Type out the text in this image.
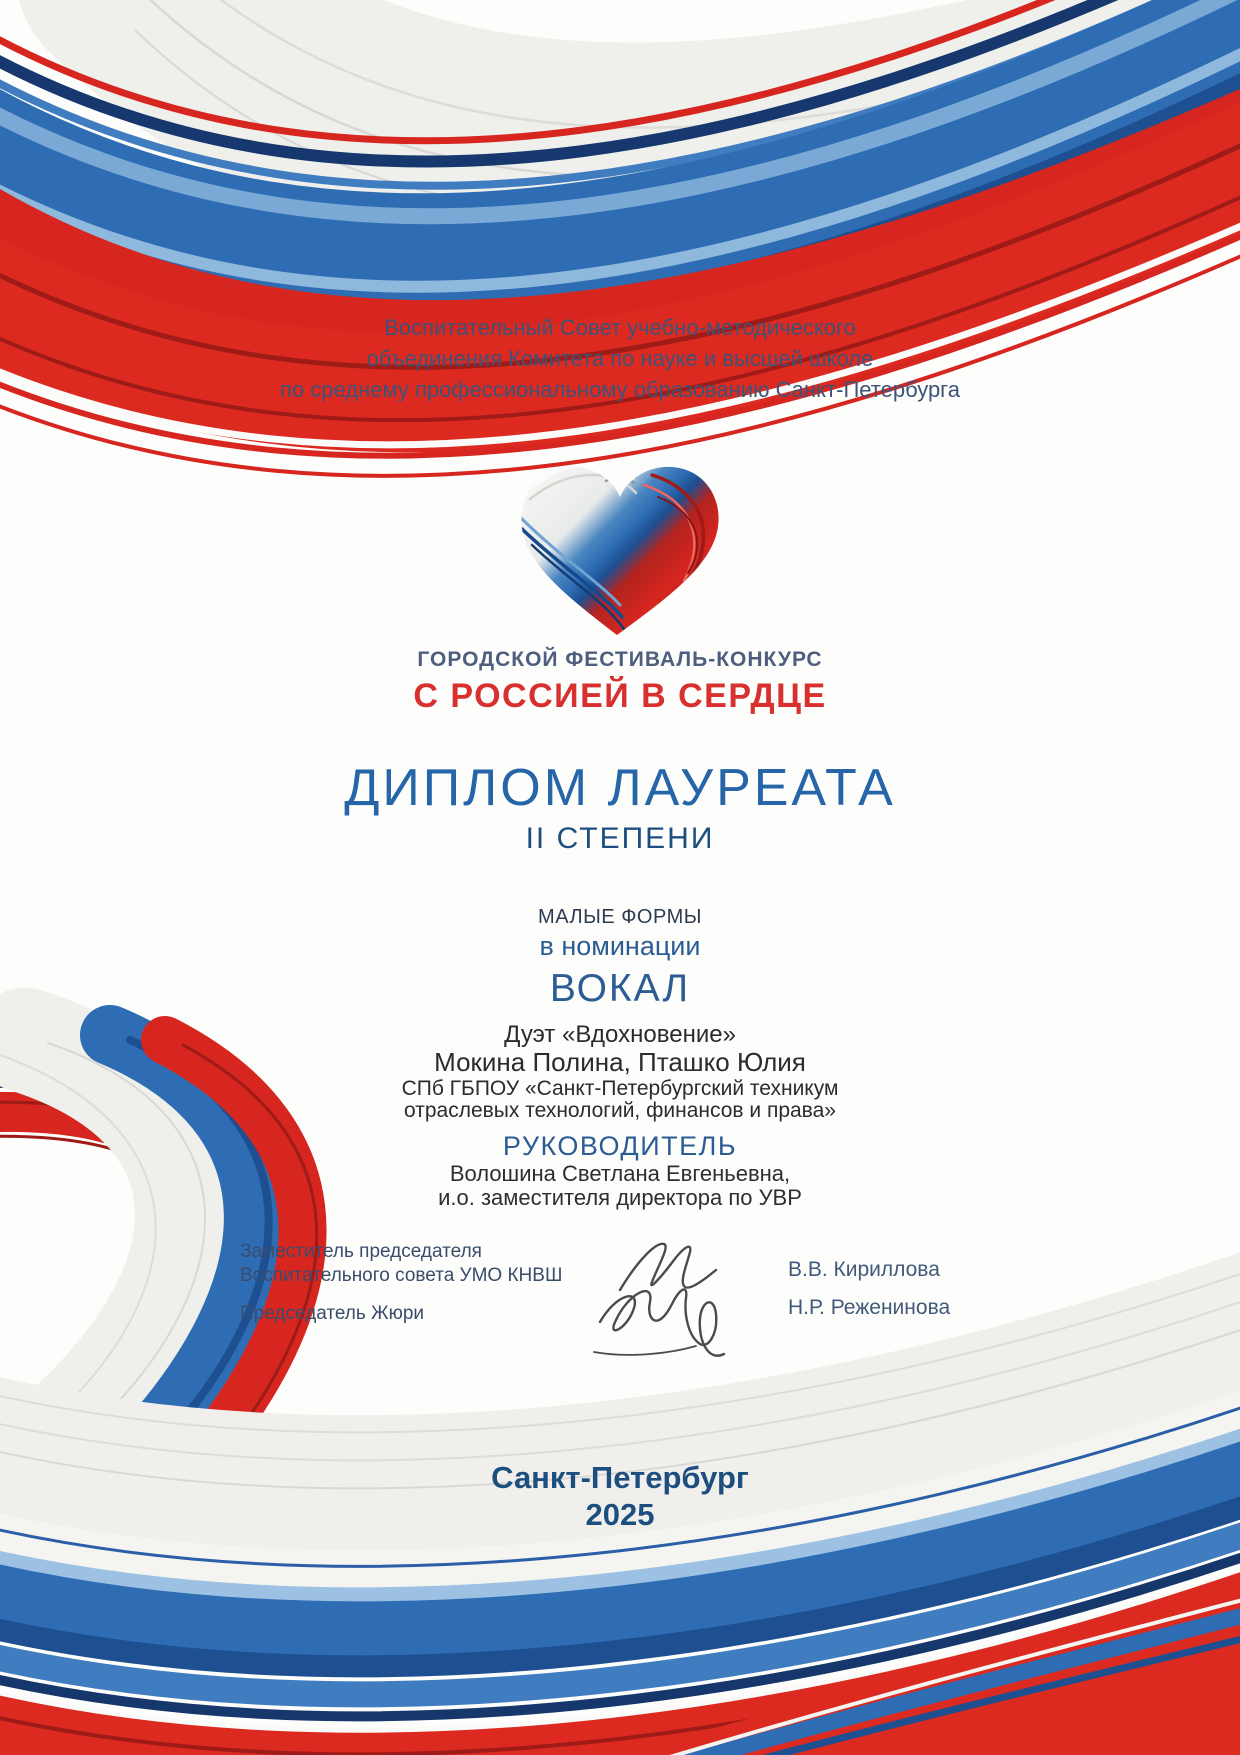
Воспитательный Совет учебно-методического
объединения Комитета по науке и высшей школе
по среднему профессиональному образованию Санкт-Петербурга
ГОРОДСКОЙ ФЕСТИВАЛЬ-КОНКУРС
С РОССИЕЙ В СЕРДЦЕ
ДИПЛОМ ЛАУРЕАТА
II СТЕПЕНИ
МАЛЫЕ ФОРМЫ
в номинации
ВОКАЛ
Дуэт «Вдохновение»
Мокина Полина, Пташко Юлия
СПб ГБПОУ «Санкт-Петербургский техникум
отраслевых технологий, финансов и права»
РУКОВОДИТЕЛЬ
Волошина Светлана Евгеньевна,
и.о. заместителя директора по УВР
Заместитель председателя
Воспитательного совета УМО КНВШ	В.В. Кириллова
Председатель Жюри	Н.Р. Реженинова
Санкт-Петербург
2025
